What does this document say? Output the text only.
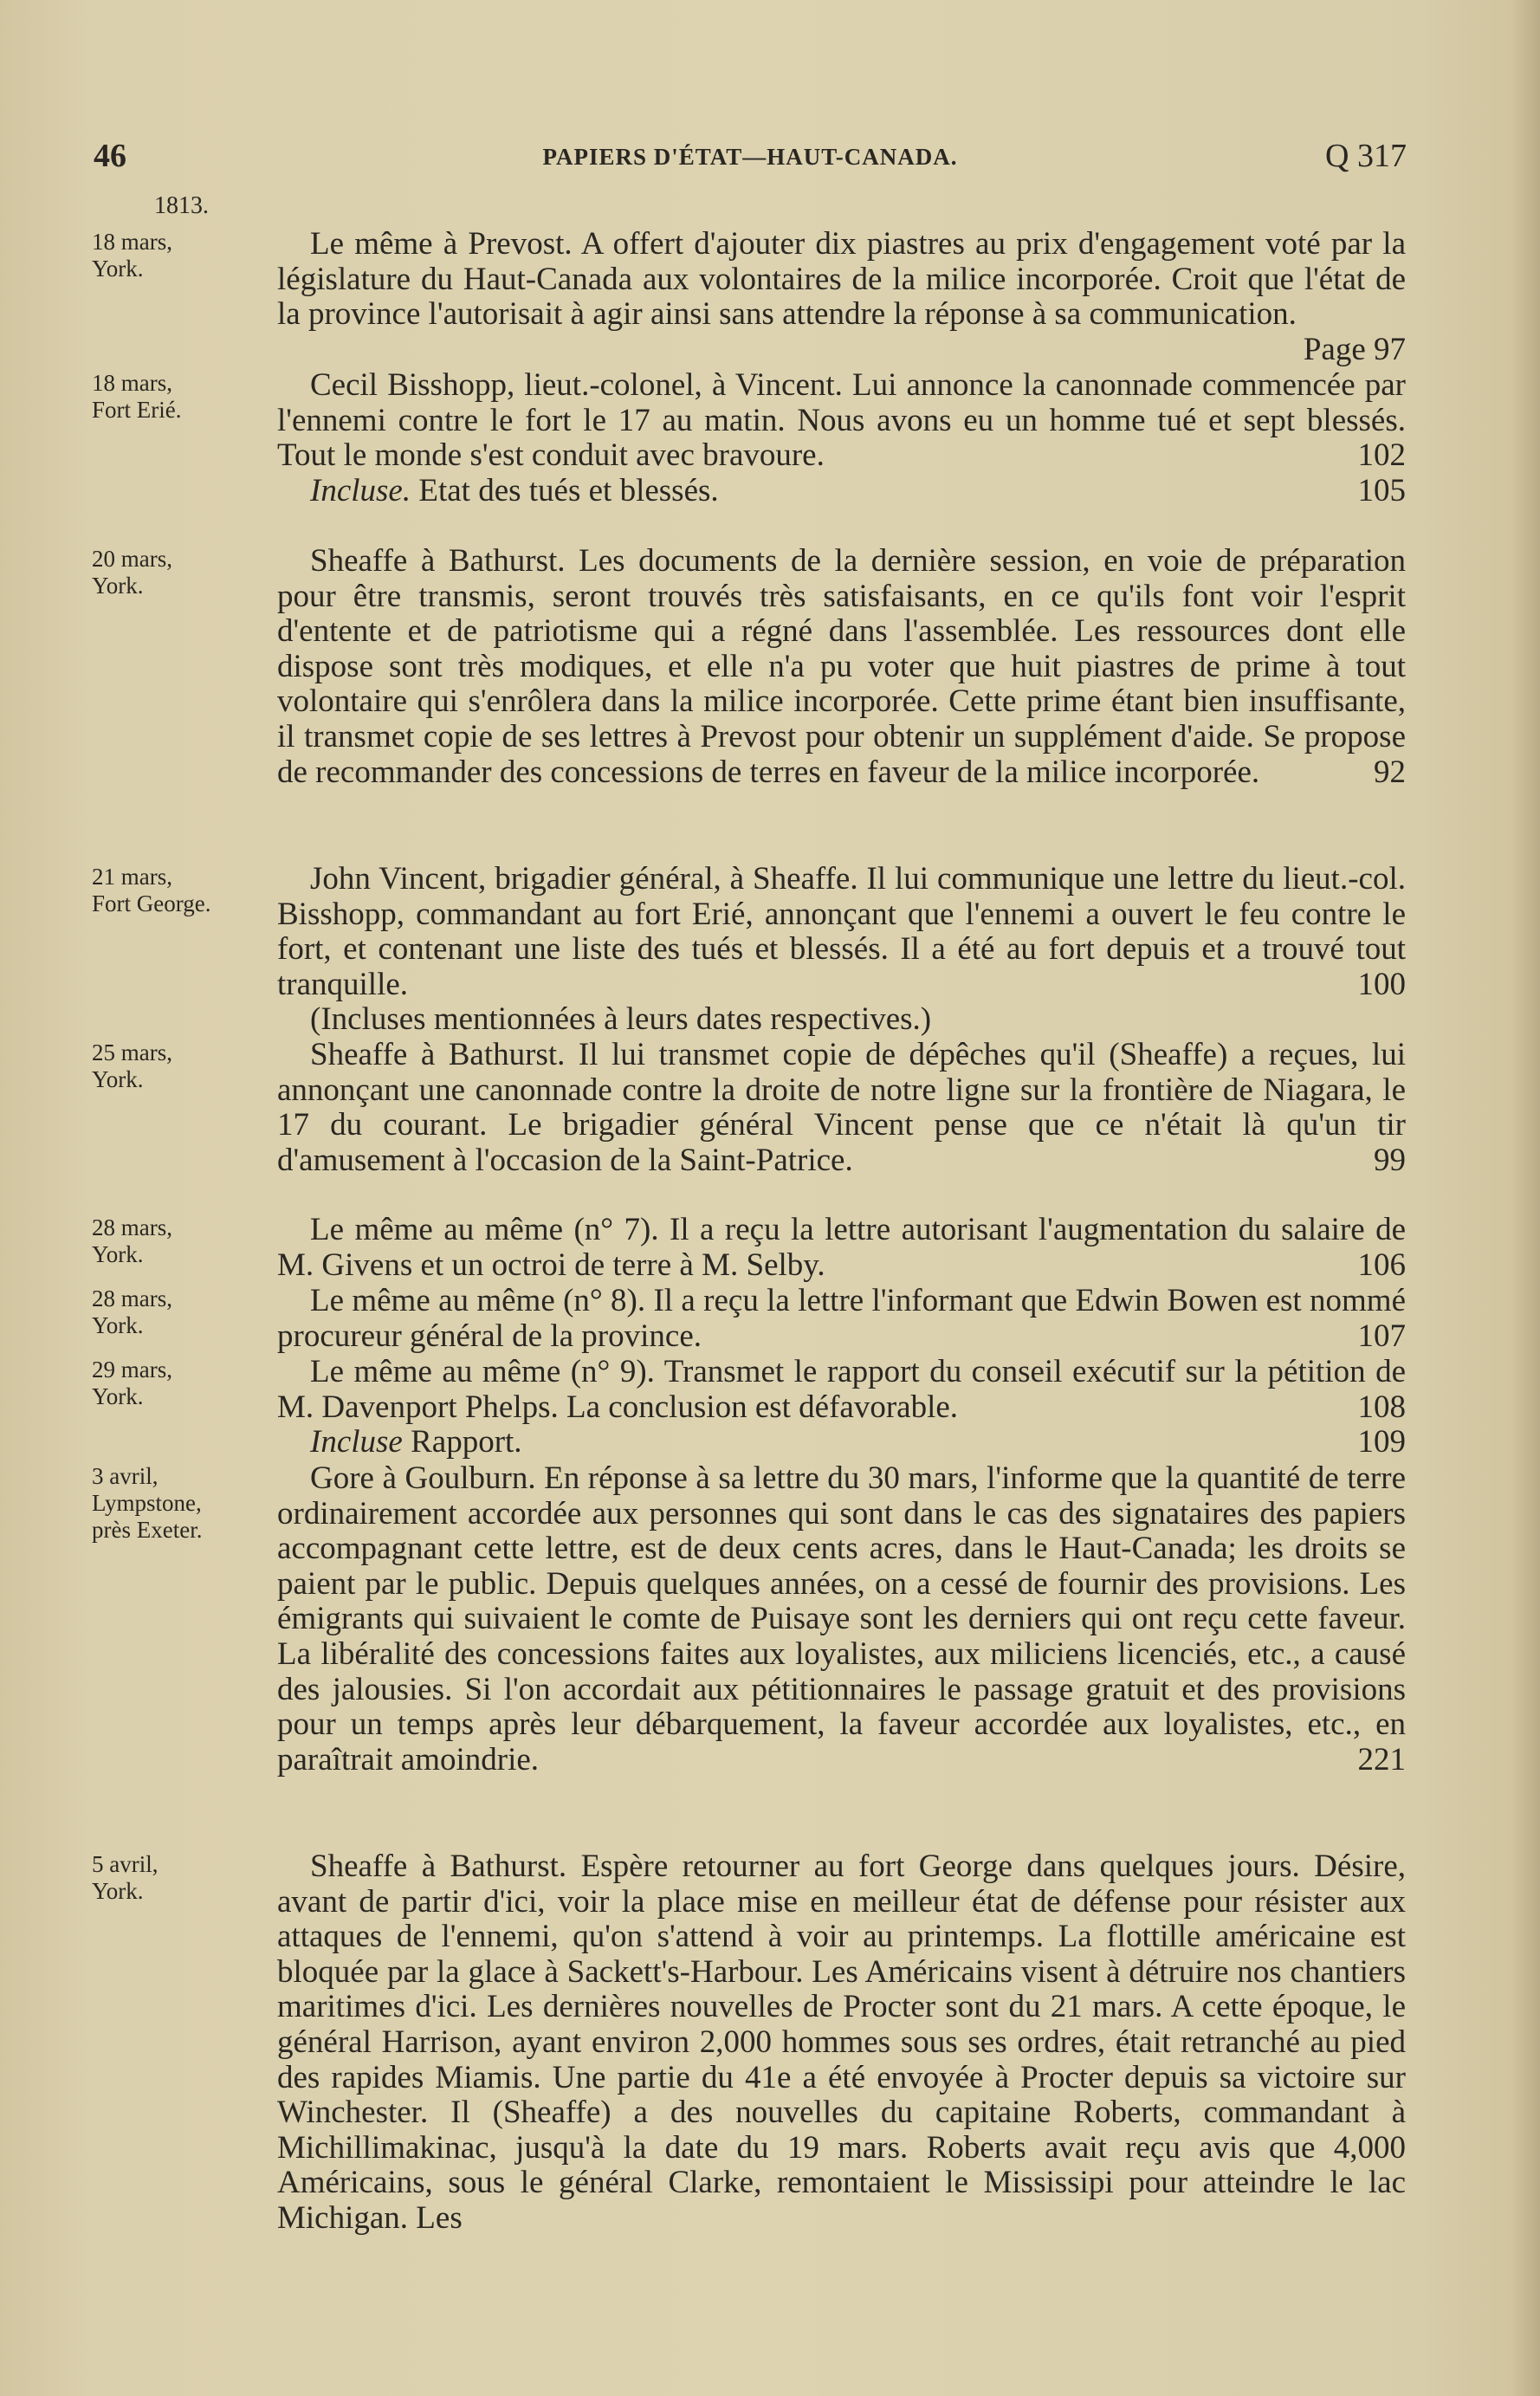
46	PAPIERS D'ÉTAT—HAUT-CANADA.	Q 317
1813.
18 mars,
York.

Le même à Prevost. A offert d'ajouter dix piastres au prix d'engagement voté par la législature du Haut-Canada aux volontaires de la milice incorporée. Croit que l'état de la province l'autorisait à agir ainsi sans attendre la réponse à sa communication.
Page 97

18 mars,
Fort Erié.

Cecil Bisshopp, lieut.-colonel, à Vincent. Lui annonce la canonnade commencée par l'ennemi contre le fort le 17 au matin. Nous avons eu un homme tué et sept blessés. Tout le monde s'est conduit avec bravoure.	102

Incluse. Etat des tués et blessés.	105

20 mars,
York.

Sheaffe à Bathurst. Les documents de la dernière session, en voie de préparation pour être transmis, seront trouvés très satisfaisants, en ce qu'ils font voir l'esprit d'entente et de patriotisme qui a régné dans l'assemblée. Les ressources dont elle dispose sont très modiques, et elle n'a pu voter que huit piastres de prime à tout volontaire qui s'enrôlera dans la milice incorporée. Cette prime étant bien insuffisante, il transmet copie de ses lettres à Prevost pour obtenir un supplément d'aide. Se propose de recommander des concessions de terres en faveur de la milice incorporée.	92

21 mars,
Fort George.

John Vincent, brigadier général, à Sheaffe. Il lui communique une lettre du lieut.-col. Bisshopp, commandant au fort Erié, annonçant que l'ennemi a ouvert le feu contre le fort, et contenant une liste des tués et blessés. Il a été au fort depuis et a trouvé tout tranquille.	100

(Incluses mentionnées à leurs dates respectives.)

25 mars,
York.

Sheaffe à Bathurst. Il lui transmet copie de dépêches qu'il (Sheaffe) a reçues, lui annonçant une canonnade contre la droite de notre ligne sur la frontière de Niagara, le 17 du courant. Le brigadier général Vincent pense que ce n'était là qu'un tir d'amusement à l'occasion de la Saint-Patrice.	99

28 mars,
York.

Le même au même (n° 7). Il a reçu la lettre autorisant l'augmentation du salaire de M. Givens et un octroi de terre à M. Selby.	106

28 mars,
York.

Le même au même (n° 8). Il a reçu la lettre l'informant que Edwin Bowen est nommé procureur général de la province.	107

29 mars,
York.

Le même au même (n° 9). Transmet le rapport du conseil exécutif sur la pétition de M. Davenport Phelps. La conclusion est défavorable.	108

Incluse Rapport.	109

3 avril,
Lympstone, près Exeter.

Gore à Goulburn. En réponse à sa lettre du 30 mars, l'informe que la quantité de terre ordinairement accordée aux personnes qui sont dans le cas des signataires des papiers accompagnant cette lettre, est de deux cents acres, dans le Haut-Canada; les droits se paient par le public. Depuis quelques années, on a cessé de fournir des provisions. Les émigrants qui suivaient le comte de Puisaye sont les derniers qui ont reçu cette faveur. La libéralité des concessions faites aux loyalistes, aux miliciens licenciés, etc., a causé des jalousies. Si l'on accordait aux pétitionnaires le passage gratuit et des provisions pour un temps après leur débarquement, la faveur accordée aux loyalistes, etc., en paraîtrait amoindrie.	221

5 avril,
York.

Sheaffe à Bathurst. Espère retourner au fort George dans quelques jours. Désire, avant de partir d'ici, voir la place mise en meilleur état de défense pour résister aux attaques de l'ennemi, qu'on s'attend à voir au printemps. La flottille américaine est bloquée par la glace à Sackett's-Harbour. Les Américains visent à détruire nos chantiers maritimes d'ici. Les dernières nouvelles de Procter sont du 21 mars. A cette époque, le général Harrison, ayant environ 2,000 hommes sous ses ordres, était retranché au pied des rapides Miamis. Une partie du 41e a été envoyée à Procter depuis sa victoire sur Winchester. Il (Sheaffe) a des nouvelles du capitaine Roberts, commandant à Michillimakinac, jusqu'à la date du 19 mars. Roberts avait reçu avis que 4,000 Américains, sous le général Clarke, remontaient le Mississipi pour atteindre le lac Michigan. Les
